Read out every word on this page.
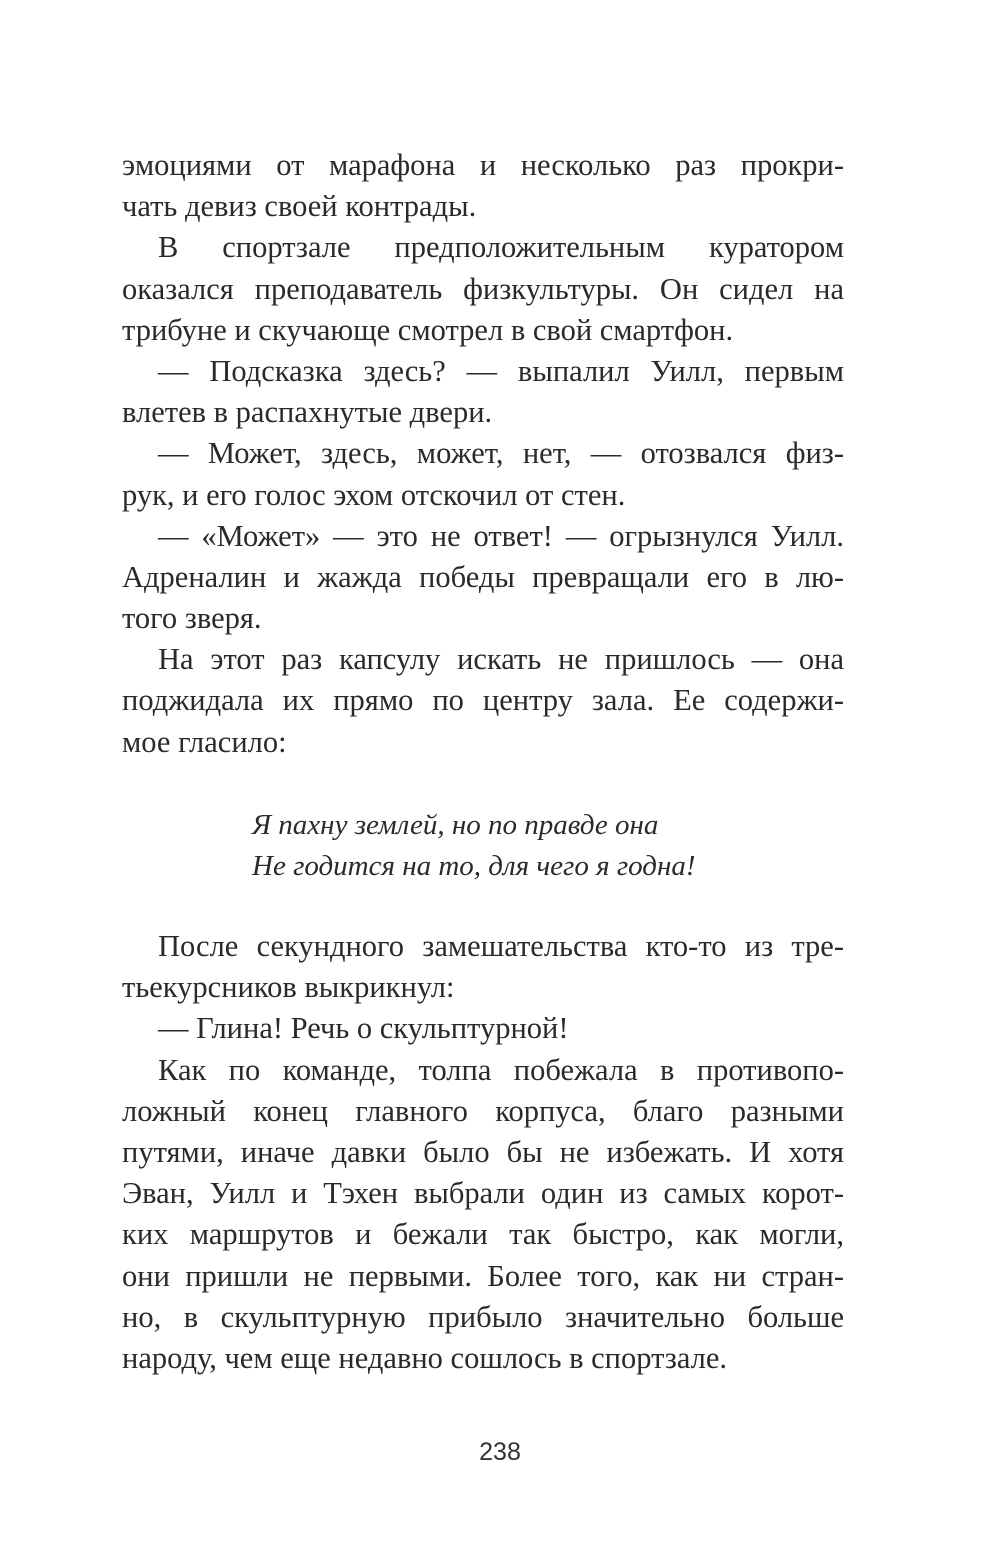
эмоциями от марафона и несколько раз прокри-
чать девиз своей контрады.
В спортзале предположительным куратором
оказался преподаватель физкультуры. Он сидел на
трибуне и скучающе смотрел в свой смартфон.
— Подсказка здесь? — выпалил Уилл, первым
влетев в распахнутые двери.
— Может, здесь, может, нет, — отозвался физ-
рук, и его голос эхом отскочил от стен.
— «Может» — это не ответ! — огрызнулся Уилл.
Адреналин и жажда победы превращали его в лю-
того зверя.
На этот раз капсулу искать не пришлось — она
поджидала их прямо по центру зала. Ее содержи-
мое гласило:
Я пахну землей, но по правде она
Не годится на то, для чего я годна!
После секундного замешательства кто-то из тре-
тьекурсников выкрикнул:
— Глина! Речь о скульптурной!
Как по команде, толпа побежала в противопо-
ложный конец главного корпуса, благо разными
путями, иначе давки было бы не избежать. И хотя
Эван, Уилл и Тэхен выбрали один из самых корот-
ких маршрутов и бежали так быстро, как могли,
они пришли не первыми. Более того, как ни стран-
но, в скульптурную прибыло значительно больше
народу, чем еще недавно сошлось в спортзале.
238
